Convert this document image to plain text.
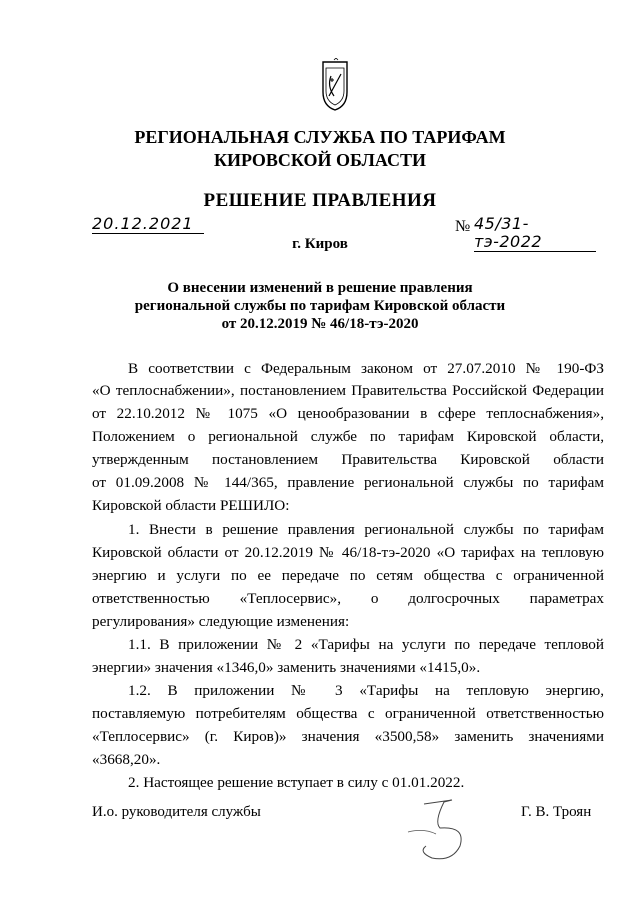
РЕГИОНАЛЬНАЯ СЛУЖБА ПО ТАРИФАМ
КИРОВСКОЙ ОБЛАСТИ
РЕШЕНИЕ ПРАВЛЕНИЯ
20.12.2021	№ 45/31-тэ-2022
г. Киров
О внесении изменений в решение правления
региональной службы по тарифам Кировской области
от 20.12.2019 № 46/18-тэ-2020
В соответствии с Федеральным законом от 27.07.2010 № 190-ФЗ
«О теплоснабжении», постановлением Правительства Российской Федерации
от 22.10.2012 № 1075 «О ценообразовании в сфере теплоснабжения»,
Положением о региональной службе по тарифам Кировской области,
утвержденным постановлением Правительства Кировской области
от 01.09.2008 № 144/365, правление региональной службы по тарифам
Кировской области РЕШИЛО:
1. Внести в решение правления региональной службы по тарифам
Кировской области от 20.12.2019 № 46/18-тэ-2020 «О тарифах на тепловую
энергию и услуги по ее передаче по сетям общества с ограниченной
ответственностью «Теплосервис», о долгосрочных параметрах
регулирования» следующие изменения:
1.1. В приложении № 2 «Тарифы на услуги по передаче тепловой
энергии» значения «1346,0» заменить значениями «1415,0».
1.2. В приложении № 3 «Тарифы на тепловую энергию,
поставляемую потребителям общества с ограниченной ответственностью
«Теплосервис» (г. Киров)» значения «3500,58» заменить значениями
«3668,20».
2. Настоящее решение вступает в силу с 01.01.2022.
И.о. руководителя службы	Г. В. Троян
